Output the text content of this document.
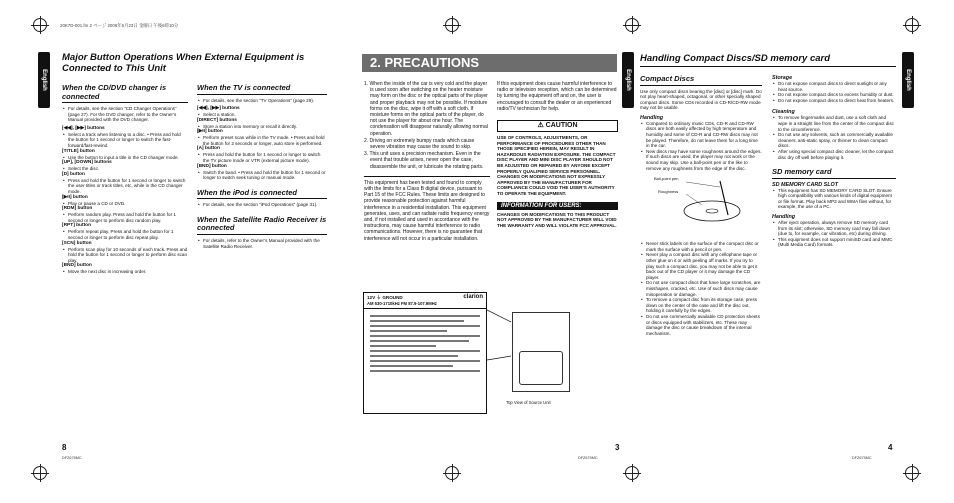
20K7D-001.fm 2 ページ 2006年6月23日 金曜日 午後6時10分
English
Major Button Operations When External Equipment is Connected to This Unit
When the CD/DVD changer is connected
• For details, see the section “CD Changer Operations” (page 27). For the DVD changer, refer to the Owner’s Manual provided with the DVD changer.
[◀◀], [▶▶] buttons
• Select a track when listening to a disc. • Press and hold the button for 1 second or longer to switch the fast-forward/fast-rewind.
[TITLE] button
• Use the button to input a title in the CD changer mode.
[UP], [DOWN] buttons
• Select the disc.
[D] button
• Press and hold the button for 1 second or longer to switch the user titles or track titles, etc, while in the CD changer mode.
[▶II] button
• Play or pause a CD or DVD.
[RDM] button
• Perform random play. Press and hold the button for 1 second or longer to perform disc random play.
[RPT] button
• Perform repeat play. Press and hold the button for 1 second or longer to perform disc repeat play.
[SCN] button
• Perform scan play for 10 seconds of each track. Press and hold the button for 1 second or longer to perform disc scan play.
[BND] button
• Move the next disc in increasing order.
When the TV is connected
• For details, see the section “TV Operations” (page 29).
[◀◀], [▶▶] buttons
• Select a station.
[DIRECT] buttons
• Store a station into memory or recall it directly.
[▶II] button
• Perform preset scan while in the TV mode. • Press and hold the button for 2 seconds or longer, auto store is performed.
[A] button
• Press and hold the button for 1 second or longer to switch the TV picture mode or VTR (external picture mode).
[BND] button
• Switch the band. • Press and hold the button for 1 second or longer to switch seek tuning or manual mode.
When the iPod is connected
• For details, see the section “iPod Operations” (page 31).
When the Satellite Radio Receiver is connected
• For details, refer to the Owner’s Manual provided with the Satellite Radio Receiver.
8
DFZ675MC
2. PRECAUTIONS
1. When the inside of the car is very cold and the player is used soon after switching on the heater moisture may form on the disc or the optical parts of the player and proper playback may not be possible. If moisture forms on the disc, wipe it off with a soft cloth. If moisture forms on the optical parts of the player, do not use the player for about one hour. The condensation will disappear naturally allowing normal operation.
2. Driving on extremely bumpy roads which cause severe vibration may cause the sound to skip.
3. This unit uses a precision mechanism. Even in the event that trouble arises, never open the case, disassemble the unit, or lubricate the rotating parts.
This equipment has been tested and found to comply with the limits for a Class B digital device, pursuant to Part 15 of the FCC Rules. These limits are designed to provide reasonable protection against harmful interference in a residential installation. This equipment generates, uses, and can radiate radio frequency energy and, if not installed and used in accordance with the instructions, may cause harmful interference to radio communications. However, there is no guarantee that interference will not occur in a particular installation.
If this equipment does cause harmful interference to radio or television reception, which can be determined by turning the equipment off and on, the user is encouraged to consult the dealer or an experienced radio/TV technician for help.
⚠ CAUTION
USE OF CONTROLS, ADJUSTMENTS, OR PERFORMANCE OF PROCEDURES OTHER THAN THOSE SPECIFIED HEREIN, MAY RESULT IN HAZARDOUS RADIATION EXPOSURE. THE COMPACT DISC PLAYER AND MINI DISC PLAYER SHOULD NOT BE ADJUSTED OR REPAIRED BY ANYONE EXCEPT PROPERLY QUALIFIED SERVICE PERSONNEL. CHANGES OR MODIFICATIONS NOT EXPRESSLY APPROVED BY THE MANUFACTURER FOR COMPLIANCE COULD VOID THE USER’S AUTHORITY TO OPERATE THE EQUIPMENT.
INFORMATION FOR USERS:
CHANGES OR MODIFICATIONS TO THIS PRODUCT NOT APPROVED BY THE MANUFACTURER WILL VOID THE WARRANTY AND WILL VIOLATE FCC APPROVAL.
12V ⏚ GROUND
AM 530-1710kHz FM 87.9-107.9MHz
clarion
Top View of Source Unit
3
DFZ675MC
English	English
Handling Compact Discs/SD memory card
Compact Discs
Use only compact discs bearing the [disc] or [disc] mark. Do not play heart-shaped, octagonal, or other specially shaped compact discs. Some CDs recorded in CD-R/CD-RW mode may not be usable.
Handling
• Compared to ordinary music CDs, CD-R and CD-RW discs are both easily affected by high temperature and humidity and some of CD-R and CD-RW discs may not be played. Therefore, do not leave them for a long time in the car.
• New discs may have some roughness around the edges. If such discs are used, the player may not work or the sound may skip. Use a ball-point pen or the like to remove any roughness from the edge of the disc.
Ball-point pen
Roughness
• Never stick labels on the surface of the compact disc or mark the surface with a pencil or pen.
• Never play a compact disc with any cellophane tape or other glue on it or with peeling off marks. If you try to play such a compact disc, you may not be able to get it back out of the CD player or it may damage the CD player.
• Do not use compact discs that have large scratches, are misshapen, cracked, etc. Use of such discs may cause misoperation or damage.
• To remove a compact disc from its storage case, press down on the center of the case and lift the disc out, holding it carefully by the edges.
• Do not use commercially available CD protection sheets or discs equipped with stabilizers, etc. These may damage the disc or cause breakdown of the internal mechanism.
Storage
• Do not expose compact discs to direct sunlight or any heat source.
• Do not expose compact discs to excess humidity or dust.
• Do not expose compact discs to direct heat from heaters.
Cleaning
• To remove fingermarks and dust, use a soft cloth and wipe in a straight line from the center of the compact disc to the circumference.
• Do not use any solvents, such as commercially available cleaners, anti-static spray, or thinner to clean compact discs.
• After using special compact disc cleaner, let the compact disc dry off well before playing it.
SD memory card
SD MEMORY CARD SLOT
• This equipment has SD MEMORY CARD SLOT. Ensure high compatibility with various kinds of digital equipment or file format. Play back MP3 and WMA files without, for example, the use of a PC.
Handling
• After eject operation, always remove SD memory card from its slot; otherwise, SD memory card may fall down (due to, for example, car vibration, etc) during driving.
• This equipment does not support miniSD card and MMC (Multi Media Card) formats.
4
DFZ675MC
